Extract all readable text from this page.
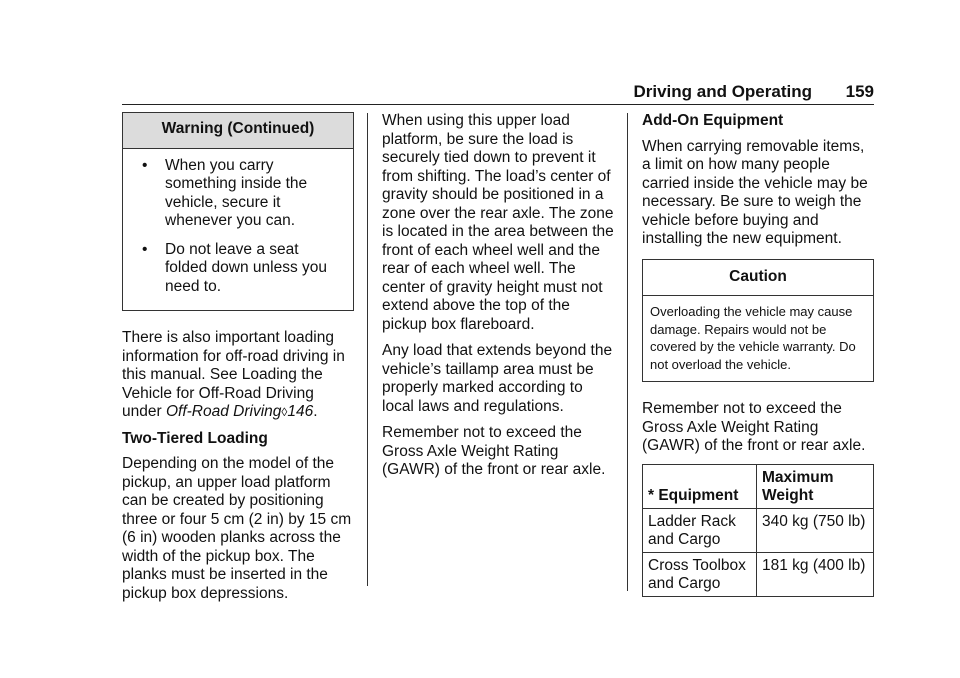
Driving and Operating 159
Warning (Continued)
• When you carry something inside the vehicle, secure it whenever you can.
• Do not leave a seat folded down unless you need to.

There is also important loading information for off-road driving in this manual. See Loading the Vehicle for Off-Road Driving under Off-Road Driving◊146.

Two-Tiered Loading

Depending on the model of the pickup, an upper load platform can be created by positioning three or four 5 cm (2 in) by 15 cm (6 in) wooden planks across the width of the pickup box. The planks must be inserted in the pickup box depressions.

When using this upper load platform, be sure the load is securely tied down to prevent it from shifting. The load’s center of gravity should be positioned in a zone over the rear axle. The zone is located in the area between the front of each wheel well and the rear of each wheel well. The center of gravity height must not extend above the top of the pickup box flareboard.

Any load that extends beyond the vehicle’s taillamp area must be properly marked according to local laws and regulations.

Remember not to exceed the Gross Axle Weight Rating (GAWR) of the front or rear axle.

Add-On Equipment

When carrying removable items, a limit on how many people carried inside the vehicle may be necessary. Be sure to weigh the vehicle before buying and installing the new equipment.

Caution
Overloading the vehicle may cause damage. Repairs would not be covered by the vehicle warranty. Do not overload the vehicle.

Remember not to exceed the Gross Axle Weight Rating (GAWR) of the front or rear axle.

* Equipment	Maximum Weight
Ladder Rack and Cargo	340 kg (750 lb)
Cross Toolbox and Cargo	181 kg (400 lb)
